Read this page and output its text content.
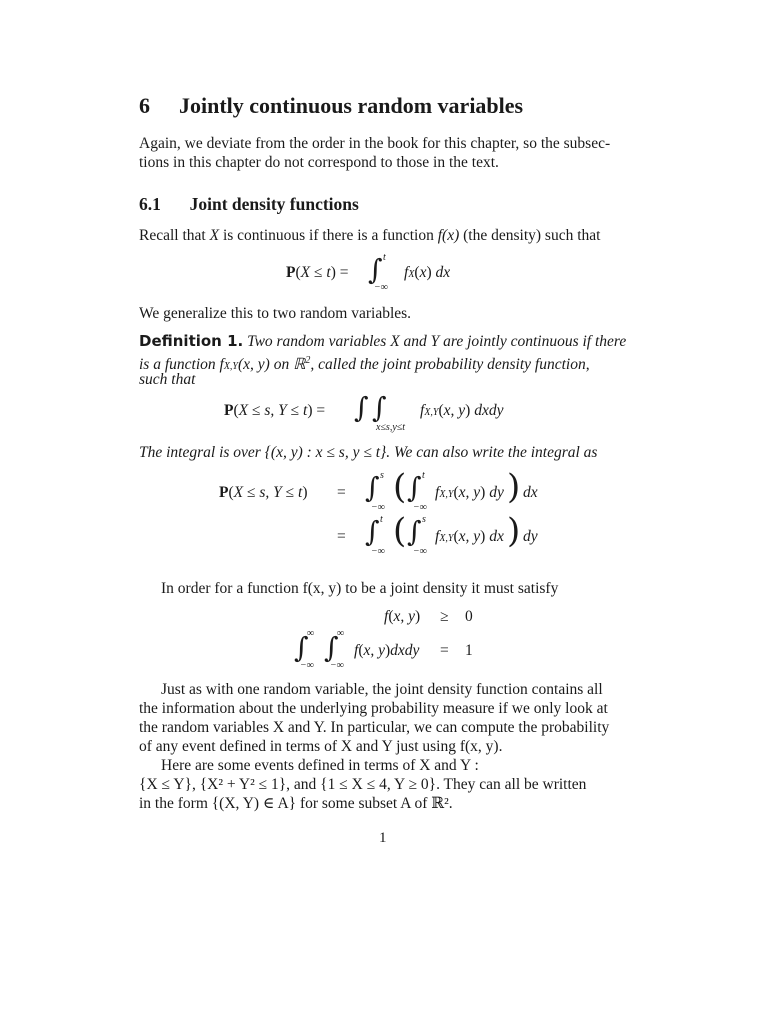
6 Jointly continuous random variables
Again, we deviate from the order in the book for this chapter, so the subsec-
tions in this chapter do not correspond to those in the text.
6.1 Joint density functions
Recall that X is continuous if there is a function f(x) (the density) such that
P(X ≤ t) = ∫ t
−∞
fX(x) dx
We generalize this to two random variables.
Definition 1. Two random variables X and Y are jointly continuous if there
is a function fX,Y(x, y) on ℝ$^2$, called the joint probability density function,
such that
P(X ≤ s, Y ≤ t) = ∫ ∫
x≤s,y≤t
fX,Y(x, y) dxdy
The integral is over {(x, y) : x ≤ s, y ≤ t}. We can also write the integral as
P(X ≤ s, Y ≤ t) = ∫ s
−∞
( ∫ t
−∞
fX,Y(x, y) dy ) dx
= ∫ t
−∞
( ∫ s
−∞
fX,Y(x, y) dx ) dy
In order for a function f(x, y) to be a joint density it must satisfy
f(x, y) ≥ 0
∫
∞
−∞
∫
∞
−∞
f(x, y)dxdy = 1
Just as with one random variable, the joint density function contains all
the information about the underlying probability measure if we only look at
the random variables X and Y. In particular, we can compute the probability
of any event defined in terms of X and Y just using f(x, y).
Here are some events defined in terms of X and Y :
{X ≤ Y}, {X² + Y² ≤ 1}, and {1 ≤ X ≤ 4, Y ≥ 0}. They can all be written
in the form {(X, Y) ∈ A} for some subset A of ℝ².
1
